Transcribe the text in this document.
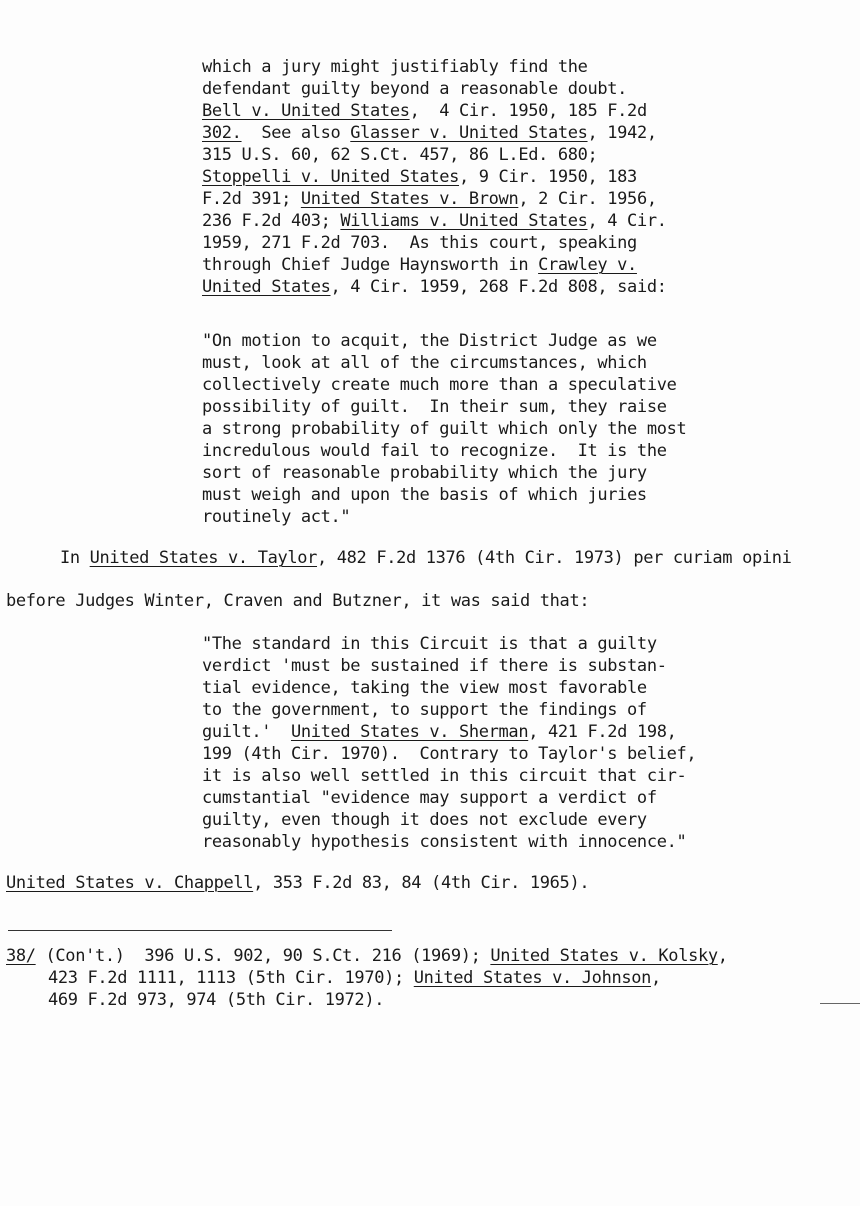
which a jury might justifiably find the
defendant guilty beyond a reasonable doubt.
Bell v. United States,  4 Cir. 1950, 185 F.2d
302.  See also Glasser v. United States, 1942,
315 U.S. 60, 62 S.Ct. 457, 86 L.Ed. 680;
Stoppelli v. United States, 9 Cir. 1950, 183
F.2d 391; United States v. Brown, 2 Cir. 1956,
236 F.2d 403; Williams v. United States, 4 Cir.
1959, 271 F.2d 703.  As this court, speaking
through Chief Judge Haynsworth in Crawley v.
United States, 4 Cir. 1959, 268 F.2d 808, said:
"On motion to acquit, the District Judge as we
must, look at all of the circumstances, which
collectively create much more than a speculative
possibility of guilt.  In their sum, they raise
a strong probability of guilt which only the most
incredulous would fail to recognize.  It is the
sort of reasonable probability which the jury
must weigh and upon the basis of which juries
routinely act."
In United States v. Taylor, 482 F.2d 1376 (4th Cir. 1973) per curiam opini
before Judges Winter, Craven and Butzner, it was said that:
"The standard in this Circuit is that a guilty
verdict 'must be sustained if there is substan-
tial evidence, taking the view most favorable
to the government, to support the findings of
guilt.'  United States v. Sherman, 421 F.2d 198,
199 (4th Cir. 1970).  Contrary to Taylor's belief,
it is also well settled in this circuit that cir-
cumstantial "evidence may support a verdict of
guilty, even though it does not exclude every
reasonably hypothesis consistent with innocence."
United States v. Chappell, 353 F.2d 83, 84 (4th Cir. 1965).
38/ (Con't.)  396 U.S. 902, 90 S.Ct. 216 (1969); United States v. Kolsky,
423 F.2d 1111, 1113 (5th Cir. 1970); United States v. Johnson,
469 F.2d 973, 974 (5th Cir. 1972).
